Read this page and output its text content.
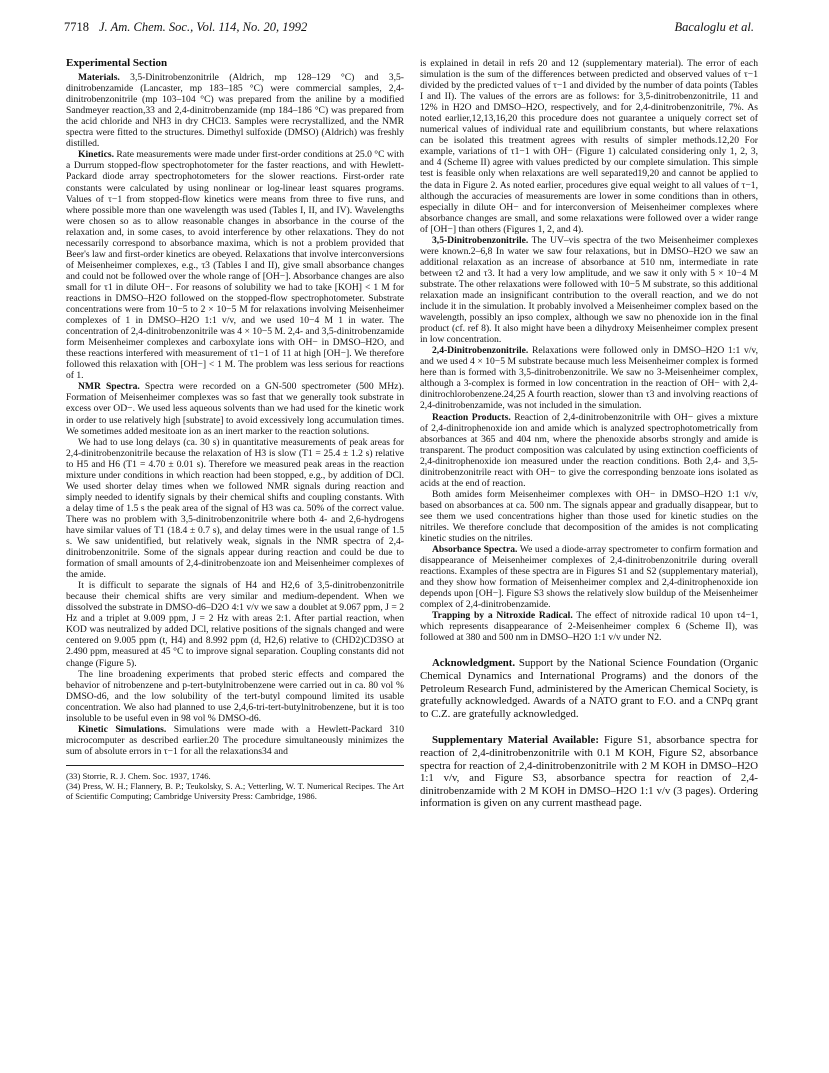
7718 J. Am. Chem. Soc., Vol. 114, No. 20, 1992	Bacaloglu et al.
Experimental Section

Materials. 3,5-Dinitrobenzonitrile (Aldrich, mp 128–129 °C) and 3,5-dinitrobenzamide (Lancaster, mp 183–185 °C) were commercial samples, 2,4-dinitrobenzonitrile (mp 103–104 °C) was prepared from the aniline by a modified Sandmeyer reaction,33 and 2,4-dinitrobenzamide (mp 184–186 °C) was prepared from the acid chloride and NH3 in dry CHCl3. Samples were recrystallized, and the NMR spectra were fitted to the structures. Dimethyl sulfoxide (DMSO) (Aldrich) was freshly distilled.

Kinetics. Rate measurements were made under first-order conditions at 25.0 °C with a Durrum stopped-flow spectrophotometer for the faster reactions, and with Hewlett-Packard diode array spectrophotometers for the slower reactions. First-order rate constants were calculated by using nonlinear or log-linear least squares programs. Values of τ−1 from stopped-flow kinetics were means from three to five runs, and where possible more than one wavelength was used (Tables I, II, and IV). Wavelengths were chosen so as to allow reasonable changes in absorbance in the course of the relaxation and, in some cases, to avoid interference by other relaxations. They do not necessarily correspond to absorbance maxima, which is not a problem provided that Beer's law and first-order kinetics are obeyed. Relaxations that involve interconversions of Meisenheimer complexes, e.g., τ3 (Tables I and II), give small absorbance changes and could not be followed over the whole range of [OH−]. Absorbance changes are also small for τ1 in dilute OH−. For reasons of solubility we had to take [KOH] < 1 M for reactions in DMSO–H2O followed on the stopped-flow spectrophotometer. Substrate concentrations were from 10−5 to 2 × 10−5 M for relaxations involving Meisenheimer complexes of 1 in DMSO–H2O 1:1 v/v, and we used 10−4 M 1 in water. The concentration of 2,4-dinitrobenzonitrile was 4 × 10−5 M. 2,4- and 3,5-dinitrobenzamide form Meisenheimer complexes and carboxylate ions with OH− in DMSO–H2O, and these reactions interfered with measurement of τ1−1 of 11 at high [OH−]. We therefore followed this relaxation with [OH−] < 1 M. The problem was less serious for reactions of 1.

NMR Spectra. Spectra were recorded on a GN-500 spectrometer (500 MHz). Formation of Meisenheimer complexes was so fast that we generally took substrate in excess over OD−. We used less aqueous solvents than we had used for the kinetic work in order to use relatively high [substrate] to avoid excessively long accumulation times. We sometimes added mesitoate ion as an inert marker to the reaction solutions.

We had to use long delays (ca. 30 s) in quantitative measurements of peak areas for 2,4-dinitrobenzonitrile because the relaxation of H3 is slow (T1 = 25.4 ± 1.2 s) relative to H5 and H6 (T1 = 4.70 ± 0.01 s). Therefore we measured peak areas in the reaction mixture under conditions in which reaction had been stopped, e.g., by addition of DCl. We used shorter delay times when we followed NMR signals during reaction and simply needed to identify signals by their chemical shifts and coupling constants. With a delay time of 1.5 s the peak area of the signal of H3 was ca. 50% of the correct value. There was no problem with 3,5-dinitrobenzonitrile where both 4- and 2,6-hydrogens have similar values of T1 (18.4 ± 0.7 s), and delay times were in the usual range of 1.5 s. We saw unidentified, but relatively weak, signals in the NMR spectra of 2,4-dinitrobenzonitrile. Some of the signals appear during reaction and could be due to formation of small amounts of 2,4-dinitrobenzoate ion and Meisenheimer complexes of the amide.

It is difficult to separate the signals of H4 and H2,6 of 3,5-dinitrobenzonitrile because their chemical shifts are very similar and medium-dependent. When we dissolved the substrate in DMSO-d6–D2O 4:1 v/v we saw a doublet at 9.067 ppm, J = 2 Hz and a triplet at 9.009 ppm, J = 2 Hz with areas 2:1. After partial reaction, when KOD was neutralized by added DCl, relative positions of the signals changed and were centered on 9.005 ppm (t, H4) and 8.992 ppm (d, H2,6) relative to (CHD2)CD3SO at 2.490 ppm, measured at 45 °C to improve signal separation. Coupling constants did not change (Figure 5).

The line broadening experiments that probed steric effects and compared the behavior of nitrobenzene and p-tert-butylnitrobenzene were carried out in ca. 80 vol % DMSO-d6, and the low solubility of the tert-butyl compound limited its usable concentration. We also had planned to use 2,4,6-tri-tert-butylnitrobenzene, but it is too insoluble to be useful even in 98 vol % DMSO-d6.

Kinetic Simulations. Simulations were made with a Hewlett-Packard 310 microcomputer as described earlier.20 The procedure simultaneously minimizes the sum of absolute errors in τ−1 for all the relaxations34 and

(33) Storrie, R. J. Chem. Soc. 1937, 1746.

(34) Press, W. H.; Flannery, B. P.; Teukolsky, S. A.; Vetterling, W. T. Numerical Recipes. The Art of Scientific Computing; Cambridge University Press: Cambridge, 1986.

is explained in detail in refs 20 and 12 (supplementary material). The error of each simulation is the sum of the differences between predicted and observed values of τ−1 divided by the predicted values of τ−1 and divided by the number of data points (Tables I and II). The values of the errors are as follows: for 3,5-dinitrobenzonitrile, 11 and 12% in H2O and DMSO–H2O, respectively, and for 2,4-dinitrobenzonitrile, 7%. As noted earlier,12,13,16,20 this procedure does not guarantee a uniquely correct set of numerical values of individual rate and equilibrium constants, but where relaxations can be isolated this treatment agrees with results of simpler methods.12,20 For example, variations of τ1−1 with OH− (Figure 1) calculated considering only 1, 2, 3, and 4 (Scheme II) agree with values predicted by our complete simulation. This simple test is feasible only when relaxations are well separated19,20 and cannot be applied to the data in Figure 2. As noted earlier, procedures give equal weight to all values of τ−1, although the accuracies of measurements are lower in some conditions than in others, especially in dilute OH− and for interconversion of Meisenheimer complexes where absorbance changes are small, and some relaxations were followed over a wider range of [OH−] than others (Figures 1, 2, and 4).

3,5-Dinitrobenzonitrile. The UV–vis spectra of the two Meisenheimer complexes were known.2–6,8 In water we saw four relaxations, but in DMSO–H2O we saw an additional relaxation as an increase of absorbance at 510 nm, intermediate in rate between τ2 and τ3. It had a very low amplitude, and we saw it only with 5 × 10−4 M substrate. The other relaxations were followed with 10−5 M substrate, so this additional relaxation made an insignificant contribution to the overall reaction, and we do not include it in the simulation. It probably involved a Meisenheimer complex based on the wavelength, possibly an ipso complex, although we saw no phenoxide ion in the final product (cf. ref 8). It also might have been a dihydroxy Meisenheimer complex present in low concentration.

2,4-Dinitrobenzonitrile. Relaxations were followed only in DMSO–H2O 1:1 v/v, and we used 4 × 10−5 M substrate because much less Meisenheimer complex is formed here than is formed with 3,5-dinitrobenzonitrile. We saw no 3-Meisenheimer complex, although a 3-complex is formed in low concentration in the reaction of OH− with 2,4-dinitrochlorobenzene.24,25 A fourth reaction, slower than τ3 and involving reactions of 2,4-dinitrobenzamide, was not included in the simulation.

Reaction Products. Reaction of 2,4-dinitrobenzonitrile with OH− gives a mixture of 2,4-dinitrophenoxide ion and amide which is analyzed spectrophotometrically from absorbances at 365 and 404 nm, where the phenoxide absorbs strongly and amide is transparent. The product composition was calculated by using extinction coefficients of 2,4-dinitrophenoxide ion measured under the reaction conditions. Both 2,4- and 3,5-dinitrobenzonitrile react with OH− to give the corresponding benzoate ions isolated as acids at the end of reaction.

Both amides form Meisenheimer complexes with OH− in DMSO–H2O 1:1 v/v, based on absorbances at ca. 500 nm. The signals appear and gradually disappear, but to see them we used concentrations higher than those used for kinetic studies on the nitriles. We therefore conclude that decomposition of the amides is not complicating kinetic studies on the nitriles.

Absorbance Spectra. We used a diode-array spectrometer to confirm formation and disappearance of Meisenheimer complexes of 2,4-dinitrobenzonitrile during overall reactions. Examples of these spectra are in Figures S1 and S2 (supplementary material), and they show how formation of Meisenheimer complex and 2,4-dinitrophenoxide ion depends upon [OH−]. Figure S3 shows the relatively slow buildup of the Meisenheimer complex of 2,4-dinitrobenzamide.

Trapping by a Nitroxide Radical. The effect of nitroxide radical 10 upon τ4−1, which represents disappearance of 2-Meisenheimer complex 6 (Scheme II), was followed at 380 and 500 nm in DMSO–H2O 1:1 v/v under N2.

Acknowledgment. Support by the National Science Foundation (Organic Chemical Dynamics and International Programs) and the donors of the Petroleum Research Fund, administered by the American Chemical Society, is gratefully acknowledged. Awards of a NATO grant to F.O. and a CNPq grant to C.Z. are gratefully acknowledged.

Supplementary Material Available: Figure S1, absorbance spectra for reaction of 2,4-dinitrobenzonitrile with 0.1 M KOH, Figure S2, absorbance spectra for reaction of 2,4-dinitrobenzonitrile with 2 M KOH in DMSO–H2O 1:1 v/v, and Figure S3, absorbance spectra for reaction of 2,4-dinitrobenzamide with 2 M KOH in DMSO–H2O 1:1 v/v (3 pages). Ordering information is given on any current masthead page.
